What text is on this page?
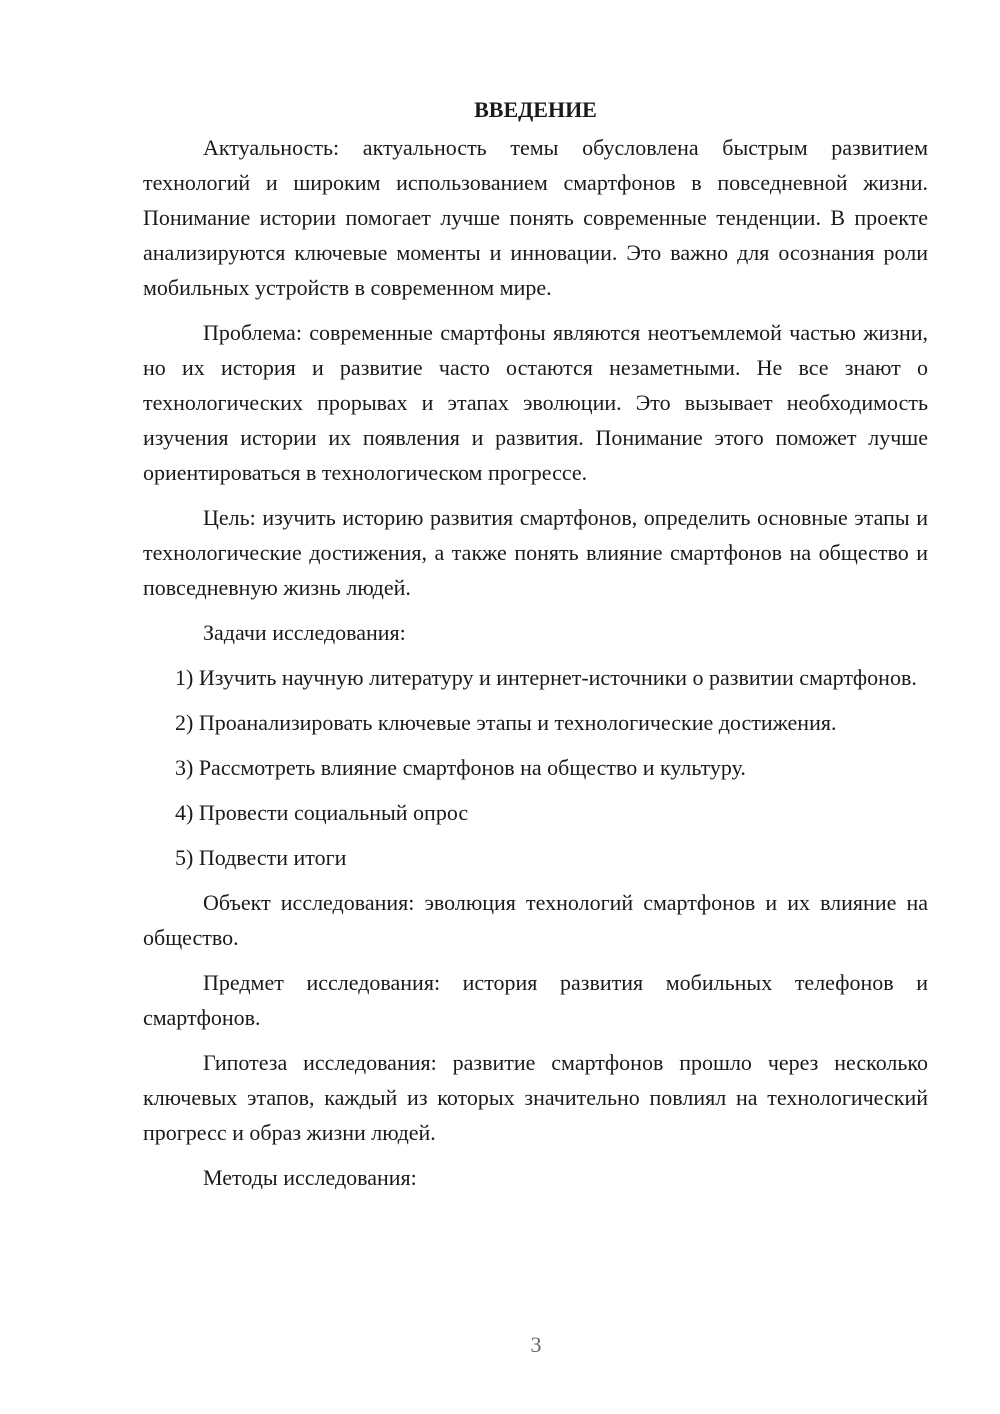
ВВЕДЕНИЕ

Актуальность: актуальность темы обусловлена быстрым развитием технологий и широким использованием смартфонов в повседневной жизни. Понимание истории помогает лучше понять современные тенденции. В проекте анализируются ключевые моменты и инновации. Это важно для осознания роли мобильных устройств в современном мире.

Проблема: современные смартфоны являются неотъемлемой частью жизни, но их история и развитие часто остаются незаметными. Не все знают о технологических прорывах и этапах эволюции. Это вызывает необходимость изучения истории их появления и развития. Понимание этого поможет лучше ориентироваться в технологическом прогрессе.

Цель: изучить историю развития смартфонов, определить основные этапы и технологические достижения, а также понять влияние смартфонов на общество и повседневную жизнь людей.

Задачи исследования:

1) Изучить научную литературу и интернет-источники о развитии смартфонов.

2) Проанализировать ключевые этапы и технологические достижения.

3) Рассмотреть влияние смартфонов на общество и культуру.

4) Провести социальный опрос

5) Подвести итоги

Объект исследования: эволюция технологий смартфонов и их влияние на общество.

Предмет исследования: история развития мобильных телефонов и смартфонов.

Гипотеза исследования: развитие смартфонов прошло через несколько ключевых этапов, каждый из которых значительно повлиял на технологический прогресс и образ жизни людей.

Методы исследования:

3
